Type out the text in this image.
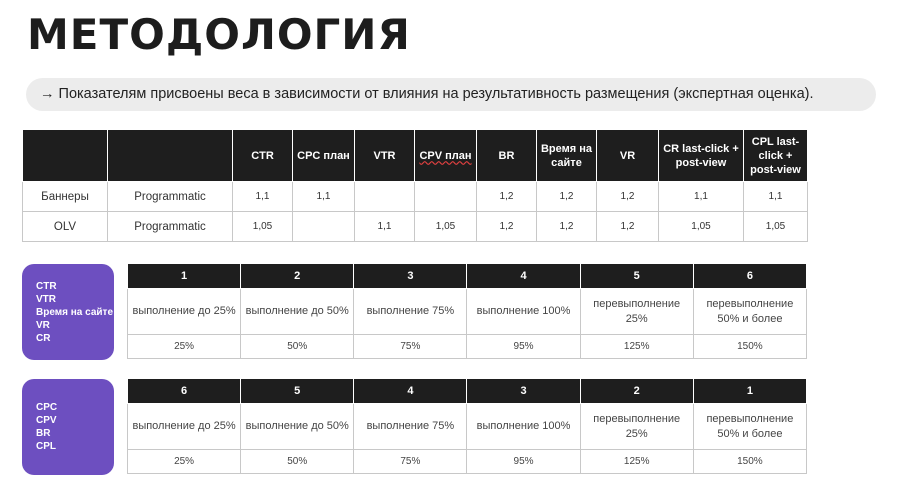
МЕТОДОЛОГИЯ
→ Показателям присвоены веса в зависимости от влияния на результативность размещения (экспертная оценка).
		CTR	CPC план	VTR	CPV план	BR	Время на сайте	VR	CR last-click + post-view	CPL last-click + post-view
Баннеры	Programmatic	1,1	1,1			1,2	1,2	1,2	1,1	1,1
OLV	Programmatic	1,05		1,1	1,05	1,2	1,2	1,2	1,05	1,05
CTR
VTR
Время на сайте
VR
CR
1	2	3	4	5	6
выполнение до 25%	выполнение до 50%	выполнение 75%	выполнение 100%	перевыполнение 25%	перевыполнение 50% и более
25%	50%	75%	95%	125%	150%
CPC
CPV
BR
CPL
6	5	4	3	2	1
выполнение до 25%	выполнение до 50%	выполнение 75%	выполнение 100%	перевыполнение 25%	перевыполнение 50% и более
25%	50%	75%	95%	125%	150%
